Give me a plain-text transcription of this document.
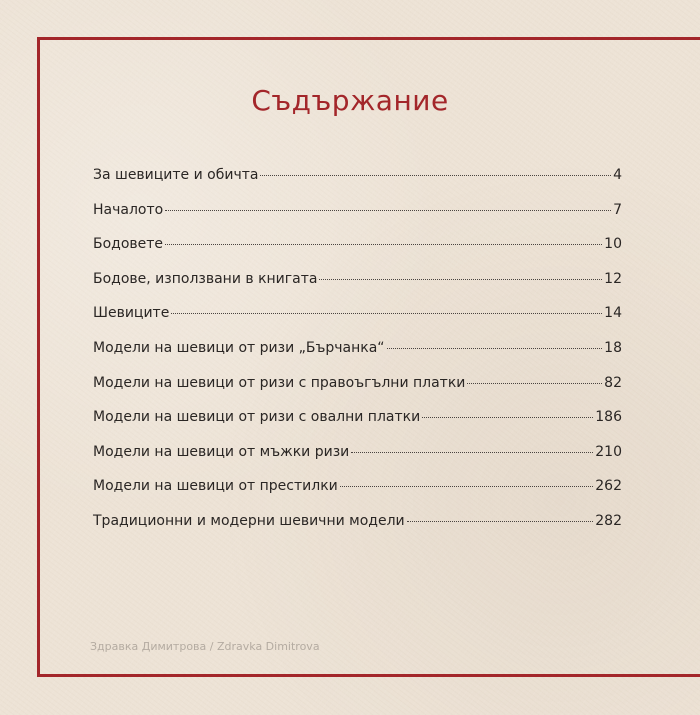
Съдържание
За шевиците и обичта	4
Началото	7
Бодовете	10
Бодове, използвани в книгата	12
Шевиците	14
Модели на шевици от ризи „Бърчанка“	18
Модели на шевици от ризи с правоъгълни платки	82
Модели на шевици от ризи с овални платки	186
Модели на шевици от мъжки ризи	210
Модели на шевици от престилки	262
Традиционни и модерни шевични модели	282
Здравка Димитрова / Zdravka Dimitrova
